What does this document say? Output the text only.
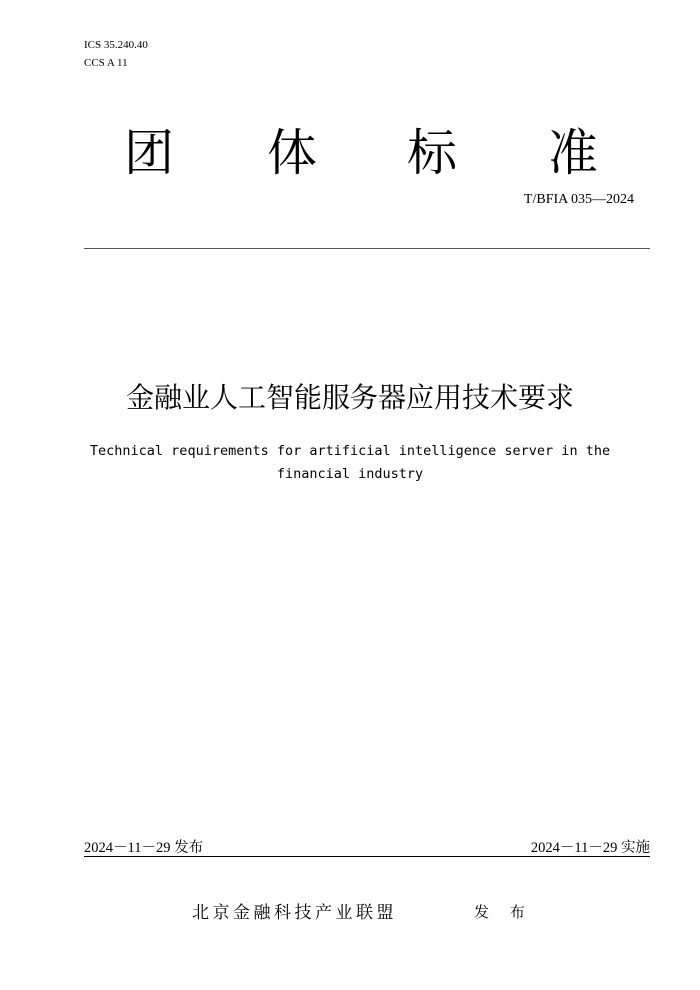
ICS 35.240.40
CCS A 11
团 体 标 准
T/BFIA 035—2024
金融业人工智能服务器应用技术要求
Technical requirements for artificial intelligence server in the financial industry
2024－11－29 发布	2024－11－29 实施
北京金融科技产业联盟	发 布
